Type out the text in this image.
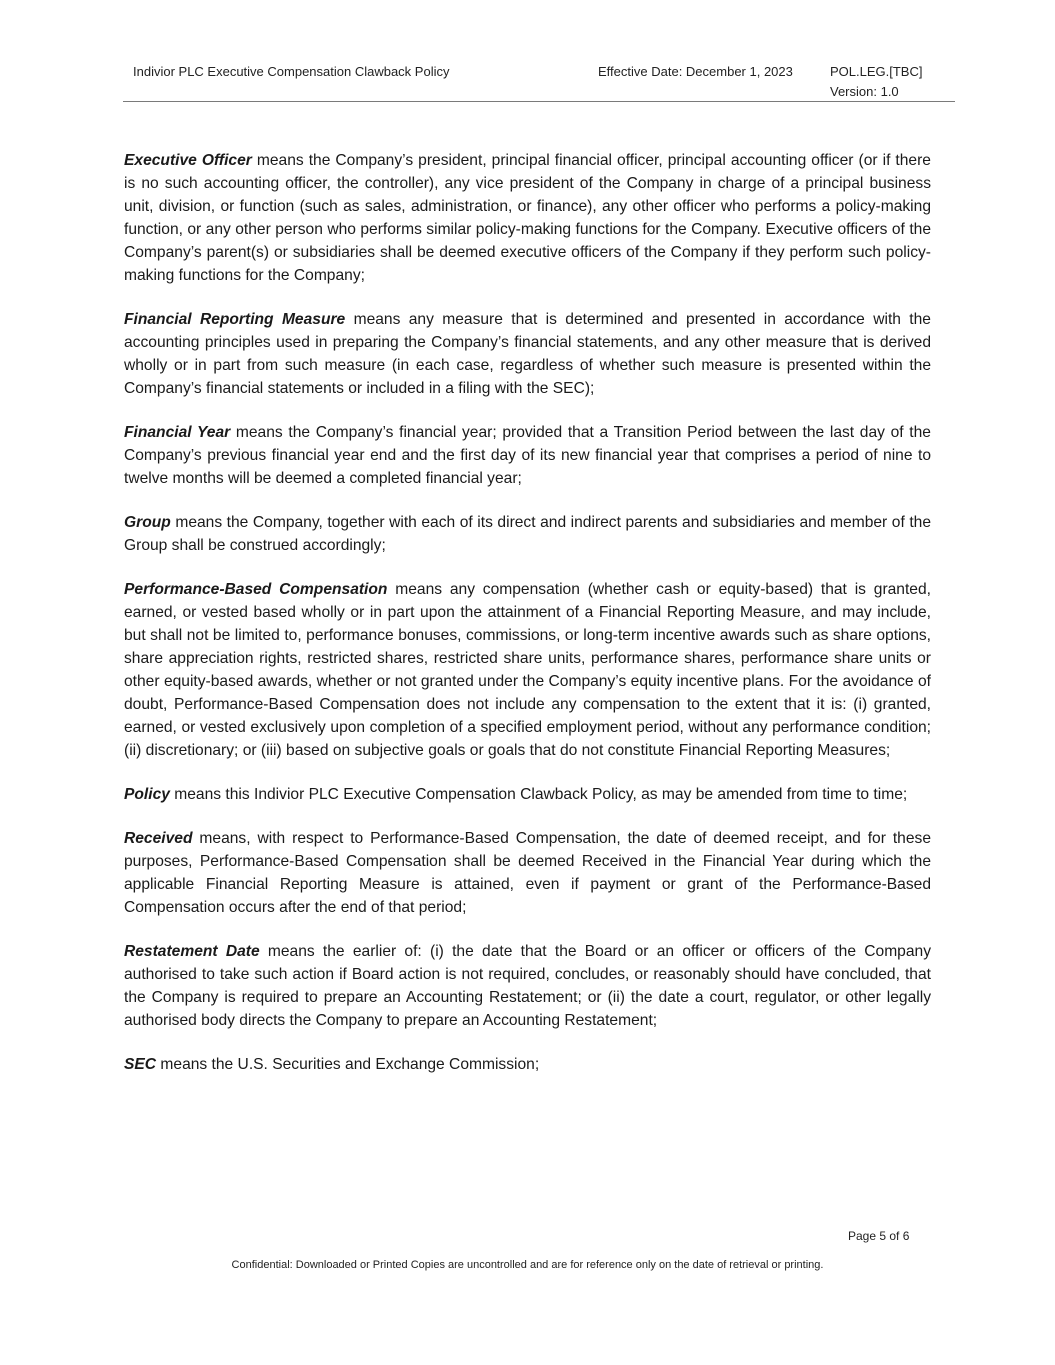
Indivior PLC Executive Compensation Clawback Policy	Effective Date: December 1, 2023	POL.LEG.[TBC]
Version: 1.0

Executive Officer means the Company’s president, principal financial officer, principal accounting officer (or if there is no such accounting officer, the controller), any vice president of the Company in charge of a principal business unit, division, or function (such as sales, administration, or finance), any other officer who performs a policy-making function, or any other person who performs similar policy-making functions for the Company. Executive officers of the Company’s parent(s) or subsidiaries shall be deemed executive officers of the Company if they perform such policy-making functions for the Company;

Financial Reporting Measure means any measure that is determined and presented in accordance with the accounting principles used in preparing the Company’s financial statements, and any other measure that is derived wholly or in part from such measure (in each case, regardless of whether such measure is presented within the Company’s financial statements or included in a filing with the SEC);

Financial Year means the Company’s financial year; provided that a Transition Period between the last day of the Company’s previous financial year end and the first day of its new financial year that comprises a period of nine to twelve months will be deemed a completed financial year;

Group means the Company, together with each of its direct and indirect parents and subsidiaries and member of the Group shall be construed accordingly;

Performance-Based Compensation means any compensation (whether cash or equity-based) that is granted, earned, or vested based wholly or in part upon the attainment of a Financial Reporting Measure, and may include, but shall not be limited to, performance bonuses, commissions, or long-term incentive awards such as share options, share appreciation rights, restricted shares, restricted share units, performance shares, performance share units or other equity-based awards, whether or not granted under the Company’s equity incentive plans. For the avoidance of doubt, Performance-Based Compensation does not include any compensation to the extent that it is: (i) granted, earned, or vested exclusively upon completion of a specified employment period, without any performance condition; (ii) discretionary; or (iii) based on subjective goals or goals that do not constitute Financial Reporting Measures;

Policy means this Indivior PLC Executive Compensation Clawback Policy, as may be amended from time to time;

Received means, with respect to Performance-Based Compensation, the date of deemed receipt, and for these purposes, Performance-Based Compensation shall be deemed Received in the Financial Year during which the applicable Financial Reporting Measure is attained, even if payment or grant of the Performance-Based Compensation occurs after the end of that period;

Restatement Date means the earlier of: (i) the date that the Board or an officer or officers of the Company authorised to take such action if Board action is not required, concludes, or reasonably should have concluded, that the Company is required to prepare an Accounting Restatement; or (ii) the date a court, regulator, or other legally authorised body directs the Company to prepare an Accounting Restatement;

SEC means the U.S. Securities and Exchange Commission;

Page 5 of 6
Confidential: Downloaded or Printed Copies are uncontrolled and are for reference only on the date of retrieval or printing.
